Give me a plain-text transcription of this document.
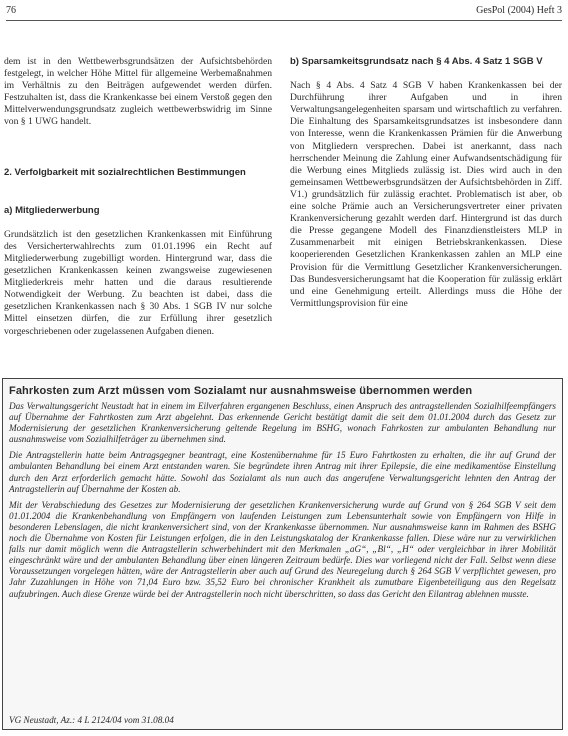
76	GesPol (2004) Heft 3

dem ist in den Wettbewerbsgrundsätzen der Aufsichtsbehörden festgelegt, in welcher Höhe Mittel für allgemeine Werbemaßnahmen im Verhältnis zu den Beiträgen aufgewendet werden dürfen. Festzuhalten ist, dass die Krankenkasse bei einem Verstoß gegen den Mittelverwendungsgrundsatz zugleich wettbewerbswidrig im Sinne von § 1 UWG handelt.

2. Verfolgbarkeit mit sozialrechtlichen Bestimmungen

a) Mitgliederwerbung

Grundsätzlich ist den gesetzlichen Krankenkassen mit Einführung des Versicherterwahlrechts zum 01.01.1996 ein Recht auf Mitgliederwerbung zugebilligt worden. Hintergrund war, dass die gesetzlichen Krankenkassen keinen zwangsweise zugewiesenen Mitgliederkreis mehr hatten und die daraus resultierende Notwendigkeit der Werbung. Zu beachten ist dabei, dass die gesetzlichen Krankenkassen nach § 30 Abs. 1 SGB IV nur solche Mittel einsetzen dürfen, die zur Erfüllung ihrer gesetzlich vorgeschriebenen oder zugelassenen Aufgaben dienen.

b) Sparsamkeitsgrundsatz nach § 4 Abs. 4 Satz 1 SGB V

Nach § 4 Abs. 4 Satz 4 SGB V haben Krankenkassen bei der Durchführung ihrer Aufgaben und in ihren Verwaltungsangelegenheiten sparsam und wirtschaftlich zu verfahren. Die Einhaltung des Sparsamkeitsgrundsatzes ist insbesondere dann von Interesse, wenn die Krankenkassen Prämien für die Anwerbung von Mitgliedern versprechen. Dabei ist anerkannt, dass nach herrschender Meinung die Zahlung einer Aufwandsentschädigung für die Werbung eines Mitglieds zulässig ist. Dies wird auch in den gemeinsamen Wettbewerbsgrundsätzen der Aufsichtsbehörden in Ziff. V1.) grundsätzlich für zulässig erachtet. Problematisch ist aber, ob eine solche Prämie auch an Versicherungsvertreter einer privaten Krankenversicherung gezahlt werden darf. Hintergrund ist das durch die Presse gegangene Modell des Finanzdienstleisters MLP in Zusammenarbeit mit einigen Betriebskrankenkassen. Diese kooperierenden Gesetzlichen Krankenkassen zahlen an MLP eine Provision für die Vermittlung Gesetzlicher Krankenversicherungen. Das Bundesversicherungsamt hat die Kooperation für zulässig erklärt und eine Genehmigung erteilt. Allerdings muss die Höhe der Vermittlungsprovision für eine

Fahrkosten zum Arzt müssen vom Sozialamt nur ausnahmsweise übernommen werden

Das Verwaltungsgericht Neustadt hat in einem im Eilverfahren ergangenen Beschluss, einen Anspruch des antragstellenden Sozialhilfeempfängers auf Übernahme der Fahrtkosten zum Arzt abgelehnt. Das erkennende Gericht bestätigt damit die seit dem 01.01.2004 durch das Gesetz zur Modernisierung der gesetzlichen Krankenversicherung geltende Regelung im BSHG, wonach Fahrkosten zur ambulanten Behandlung nur ausnahmsweise vom Sozialhilfeträger zu übernehmen sind.

Die Antragstellerin hatte beim Antragsgegner beantragt, eine Kostenübernahme für 15 Euro Fahrtkosten zu erhalten, die ihr auf Grund der ambulanten Behandlung bei einem Arzt entstanden waren. Sie begründete ihren Antrag mit ihrer Epilepsie, die eine medikamentöse Einstellung durch den Arzt erforderlich gemacht hätte. Sowohl das Sozialamt als nun auch das angerufene Verwaltungsgericht lehnten den Antrag der Antragstellerin auf Übernahme der Kosten ab.

Mit der Verabschiedung des Gesetzes zur Modernisierung der gesetzlichen Krankenversicherung wurde auf Grund von § 264 SGB V seit dem 01.01.2004 die Krankenbehandlung von Empfängern von laufenden Leistungen zum Lebensunterhalt sowie von Empfängern von Hilfe in besonderen Lebenslagen, die nicht krankenversichert sind, von der Krankenkasse übernommen. Nur ausnahmsweise kann im Rahmen des BSHG noch die Übernahme von Kosten für Leistungen erfolgen, die in den Leistungskatalog der Krankenkasse fallen. Diese wäre nur zu verwirklichen falls nur damit möglich wenn die Antragstellerin schwerbehindert mit den Merkmalen „aG“, „Bl“, „H“ oder vergleichbar in ihrer Mobilität eingeschränkt wäre und der ambulanten Behandlung über einen längeren Zeitraum bedürfe. Dies war vorliegend nicht der Fall. Selbst wenn diese Voraussetzungen vorgelegen hätten, wäre der Antragstellerin aber auch auf Grund des Neuregelung durch § 264 SGB V verpflichtet gewesen, pro Jahr Zuzahlungen in Höhe von 71,04 Euro bzw. 35,52 Euro bei chronischer Krankheit als zumutbare Eigenbeteiligung aus den Regelsatz aufzubringen. Auch diese Grenze würde bei der Antragstellerin noch nicht überschritten, so dass das Gericht den Eilantrag ablehnen musste.

VG Neustadt, Az.: 4 L 2124/04 vom 31.08.04
